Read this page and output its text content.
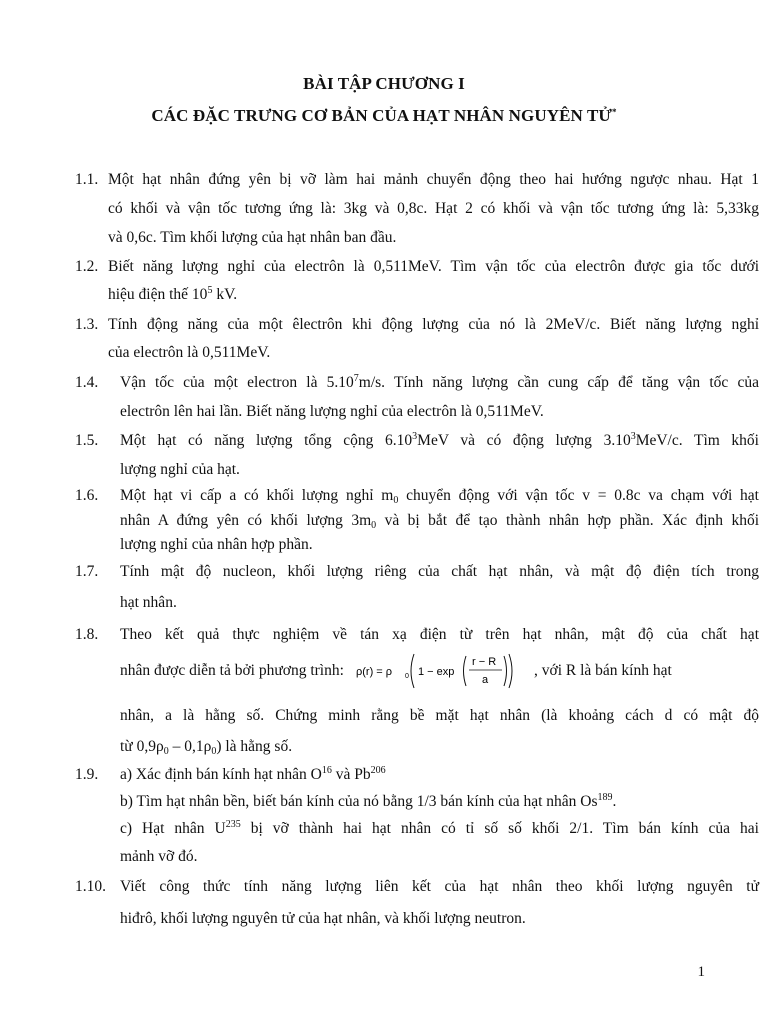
BÀI TẬP CHƯƠNG I
CÁC ĐẶC TRƯNG CƠ BẢN CỦA HẠT NHÂN NGUYÊN TỬ*
1.1. Một hạt nhân đứng yên bị vỡ làm hai mảnh chuyển động theo hai hướng ngược nhau. Hạt 1
có khối và vận tốc tương ứng là: 3kg và 0,8c. Hạt 2 có khối và vận tốc tương ứng là: 5,33kg
và 0,6c. Tìm khối lượng của hạt nhân ban đầu.
1.2. Biết năng lượng nghỉ của electrôn là 0,511MeV. Tìm vận tốc của electrôn được gia tốc dưới
hiệu điện thế $10^5$ kV.
1.3. Tính động năng của một êlectrôn khi động lượng của nó là 2MeV/c. Biết năng lượng nghỉ
của electrôn là 0,511MeV.
1.4. Vận tốc của một electron là 5.10$^7$m/s. Tính năng lượng cần cung cấp để tăng vận tốc của
electrôn lên hai lần. Biết năng lượng nghỉ của electrôn là 0,511MeV.
1.5. Một hạt có năng lượng tổng cộng 6.10$^3$MeV và có động lượng 3.10$^3$MeV/c. Tìm khối
lượng nghỉ của hạt.
1.6. Một hạt vi cấp a có khối lượng nghỉ $m_0$ chuyển động với vận tốc v = 0.8c va chạm với hạt
nhân A đứng yên có khối lượng $3m_0$ và bị bắt để tạo thành nhân hợp phần. Xác định khối
lượng nghỉ của nhân hợp phần.
1.7. Tính mật độ nucleon, khối lượng riêng của chất hạt nhân, và mật độ điện tích trong
hạt nhân.
1.8. Theo kết quả thực nghiệm về tán xạ điện từ trên hạt nhân, mật độ của chất hạt
nhân được diễn tả bởi phương trình: ρ(r) = ρ 0 1 − exp
r − R
a
, với R là bán kính hạt
nhân, a là hằng số. Chứng minh rằng bề mặt hạt nhân (là khoảng cách d có mật độ
từ $0,9\rho_0 - 0,1\rho_0$) là hằng số.
1.9. a) Xác định bán kính hạt nhân $O^{16}$ và Pb$^{206}$
b) Tìm hạt nhân bền, biết bán kính của nó bằng 1/3 bán kính của hạt nhân Os$^{189}$.
c) Hạt nhân $U^{235}$ bị vỡ thành hai hạt nhân có tỉ số số khối 2/1. Tìm bán kính của hai
mảnh vỡ đó.
1.10. Viết công thức tính năng lượng liên kết của hạt nhân theo khối lượng nguyên tử
hiđrô, khối lượng nguyên tử của hạt nhân, và khối lượng neutron.
1
